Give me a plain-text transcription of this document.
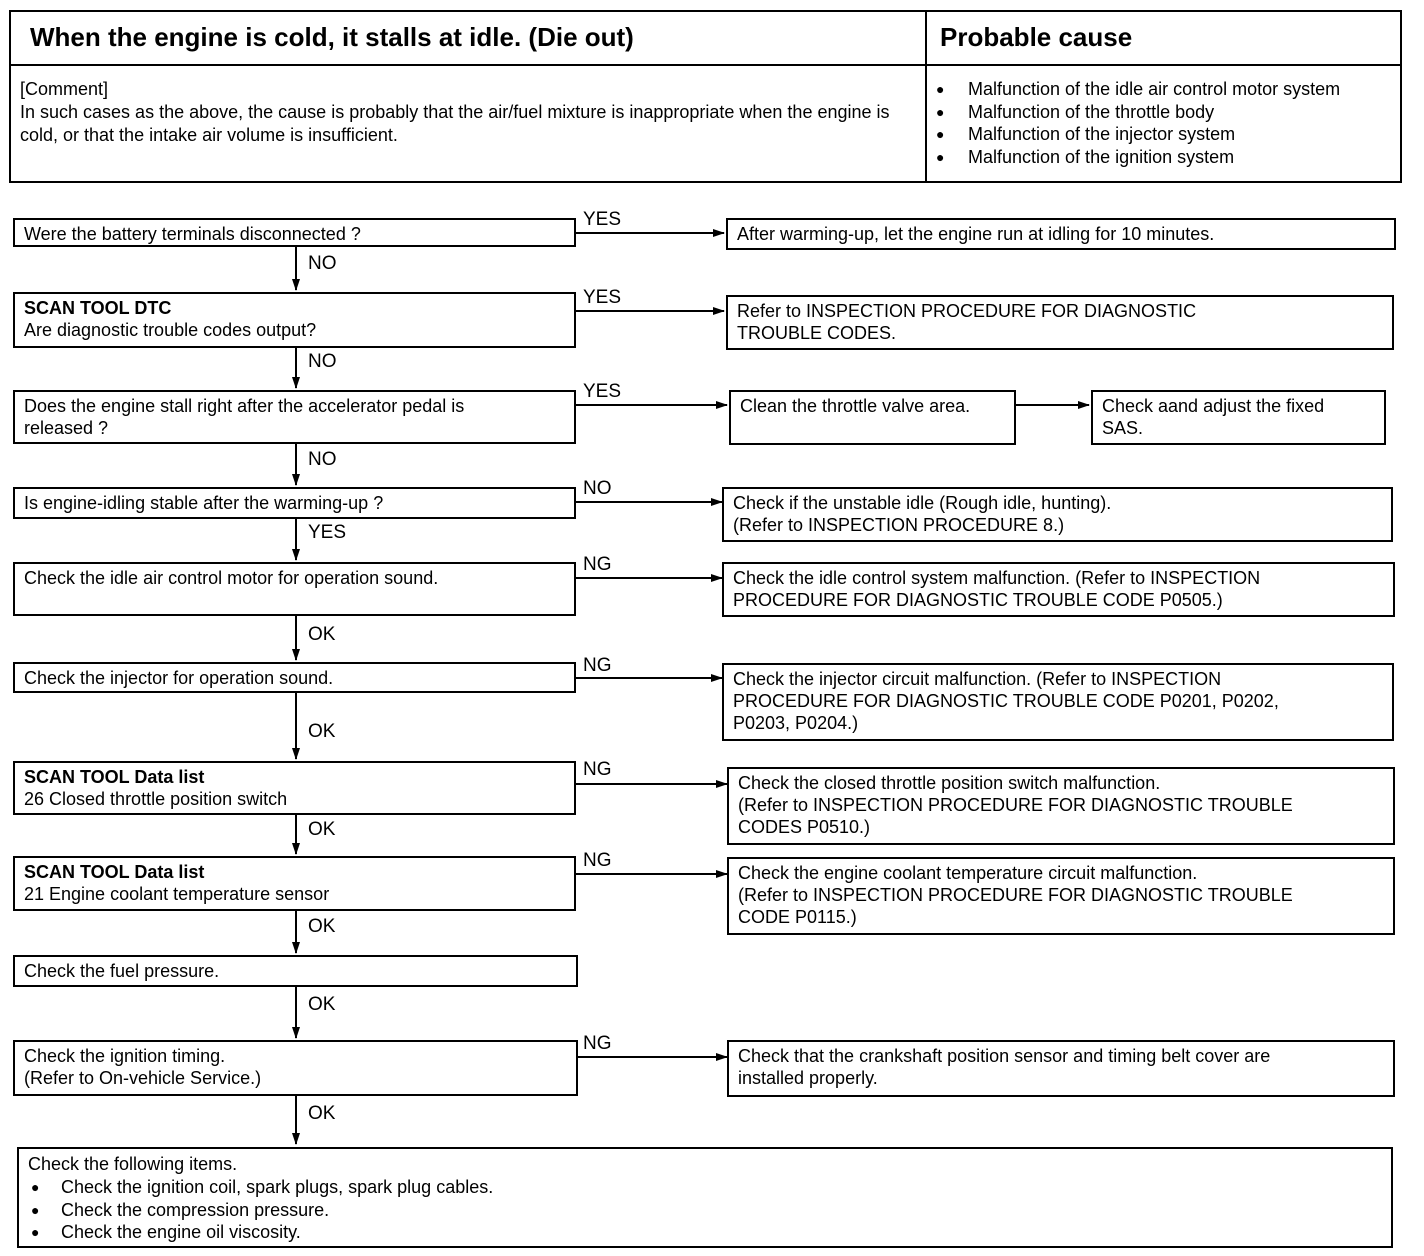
When the engine is cold, it stalls at idle. (Die out)	Probable cause
[Comment]
In such cases as the above, the cause is probably that the air/fuel mixture is inappropriate when the engine is cold, or that the intake air volume is insufficient.
● Malfunction of the idle air control motor system
● Malfunction of the throttle body
● Malfunction of the injector system
● Malfunction of the ignition system
YES
YES
YES
NO
NG
NG
NG
NG
NG
NO
NO
NO
YES
OK
OK
OK
OK
OK
OK
Were the battery terminals disconnected ?
SCAN TOOL DTC
Are diagnostic trouble codes output?
Does the engine stall right after the accelerator pedal is
released ?
Is engine-idling stable after the warming-up ?
Check the idle air control motor for operation sound.
Check the injector for operation sound.
SCAN TOOL Data list
26 Closed throttle position switch
SCAN TOOL Data list
21 Engine coolant temperature sensor
Check the fuel pressure.
Check the ignition timing.
(Refer to On-vehicle Service.)
After warming-up, let the engine run at idling for 10 minutes.
Refer to INSPECTION PROCEDURE FOR DIAGNOSTIC
TROUBLE CODES.
Clean the throttle valve area.	Check aand adjust the fixed
SAS.
Check if the unstable idle (Rough idle, hunting).
(Refer to INSPECTION PROCEDURE 8.)
Check the idle control system malfunction. (Refer to INSPECTION
PROCEDURE FOR DIAGNOSTIC TROUBLE CODE P0505.)
Check the injector circuit malfunction. (Refer to INSPECTION
PROCEDURE FOR DIAGNOSTIC TROUBLE CODE P0201, P0202,
P0203, P0204.)
Check the closed throttle position switch malfunction.
(Refer to INSPECTION PROCEDURE FOR DIAGNOSTIC TROUBLE
CODES P0510.)
Check the engine coolant temperature circuit malfunction.
(Refer to INSPECTION PROCEDURE FOR DIAGNOSTIC TROUBLE
CODE P0115.)
Check that the crankshaft position sensor and timing belt cover are
installed properly.
Check the following items.
● Check the ignition coil, spark plugs, spark plug cables.
● Check the compression pressure.
● Check the engine oil viscosity.
